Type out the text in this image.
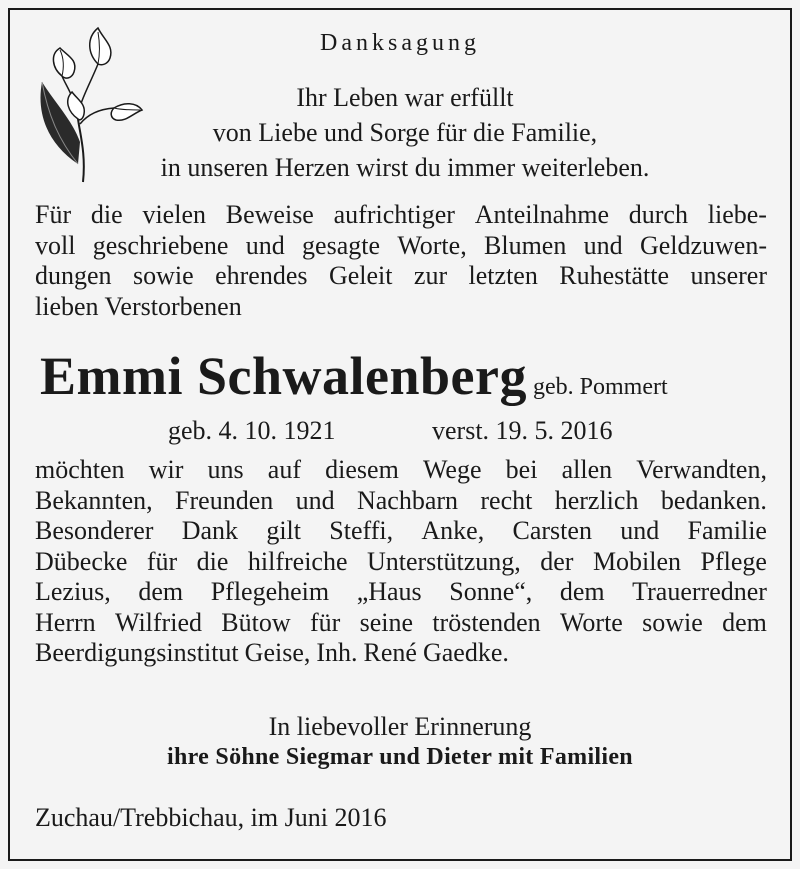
Danksagung
Ihr Leben war erfüllt
von Liebe und Sorge für die Familie,
in unseren Herzen wirst du immer weiterleben.
Für die vielen Beweise aufrichtiger Anteilnahme durch liebe-
voll geschriebene und gesagte Worte, Blumen und Geldzuwen-
dungen sowie ehrendes Geleit zur letzten Ruhestätte unserer
lieben Verstorbenen
Emmi Schwalenberg geb. Pommert
geb. 4. 10. 1921	verst. 19. 5. 2016
möchten wir uns auf diesem Wege bei allen Verwandten,
Bekannten, Freunden und Nachbarn recht herzlich bedanken.
Besonderer Dank gilt Steffi, Anke, Carsten und Familie
Dübecke für die hilfreiche Unterstützung, der Mobilen Pflege
Lezius, dem Pflegeheim „Haus Sonne“, dem Trauerredner
Herrn Wilfried Bütow für seine tröstenden Worte sowie dem
Beerdigungsinstitut Geise, Inh. René Gaedke.
In liebevoller Erinnerung
ihre Söhne Siegmar und Dieter mit Familien
Zuchau/Trebbichau, im Juni 2016
